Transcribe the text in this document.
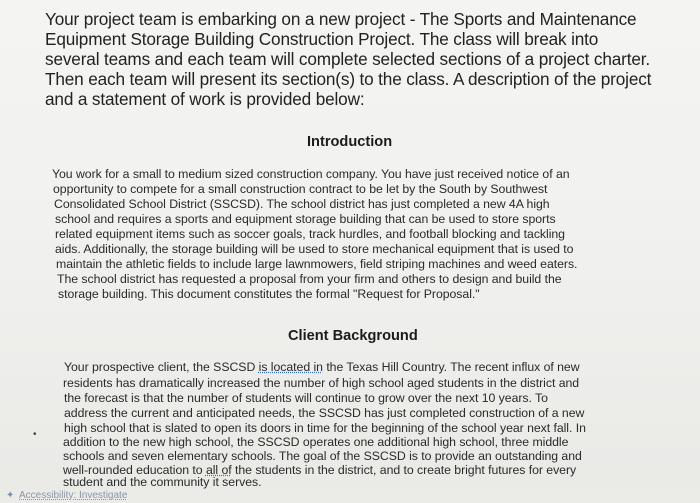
Your project team is embarking on a new project - The Sports and Maintenance
Equipment Storage Building Construction Project. The class will break into
several teams and each team will complete selected sections of a project charter.
Then each team will present its section(s) to the class. A description of the project
and a statement of work is provided below:
Introduction
You work for a small to medium sized construction company. You have just received notice of an
opportunity to compete for a small construction contract to be let by the South by Southwest
Consolidated School District (SSCSD). The school district has just completed a new 4A high
school and requires a sports and equipment storage building that can be used to store sports
related equipment items such as soccer goals, track hurdles, and football blocking and tackling
aids. Additionally, the storage building will be used to store mechanical equipment that is used to
maintain the athletic fields to include large lawnmowers, field striping machines and weed eaters.
The school district has requested a proposal from your firm and others to design and build the
storage building. This document constitutes the formal "Request for Proposal."
Client Background
Your prospective client, the SSCSD is located in the Texas Hill Country. The recent influx of new
residents has dramatically increased the number of high school aged students in the district and
the forecast is that the number of students will continue to grow over the next 10 years. To
address the current and anticipated needs, the SSCSD has just completed construction of a new
high school that is slated to open its doors in time for the beginning of the school year next fall. In
addition to the new high school, the SSCSD operates one additional high school, three middle
schools and seven elementary schools. The goal of the SSCSD is to provide an outstanding and
well-rounded education to all of the students in the district, and to create bright futures for every
student and the community it serves.
•
✦ Accessibility: Investigate
